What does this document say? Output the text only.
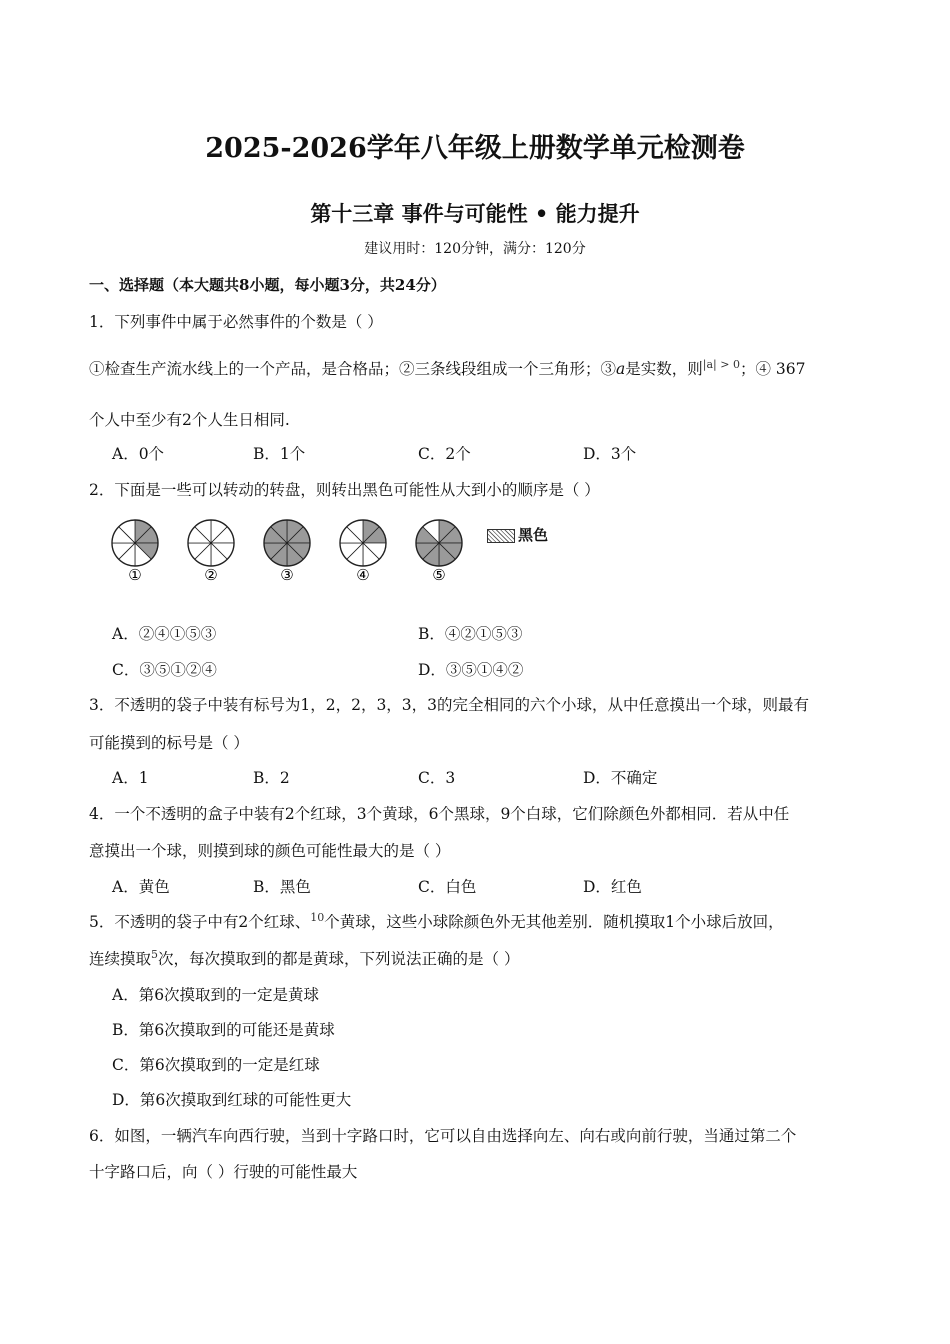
2025-2026学年八年级上册数学单元检测卷
第十三章 事件与可能性 • 能力提升
建议用时：120分钟，满分：120分
一、选择题（本大题共8小题，每小题3分，共24分）
1．下列事件中属于必然事件的个数是（ ）
①检查生产流水线上的一个产品，是合格品；②三条线段组成一个三角形；③a是实数，则$^{|a| > 0}$；④ 367
个人中至少有2个人生日相同.
A．0个	B．1个	C．2个	D．3个
2．下面是一些可以转动的转盘，则转出黑色可能性从大到小的顺序是（ ）
①	②	③	④	⑤
黑色
A．②④①⑤③	B．④②①⑤③
C．③⑤①②④	D．③⑤①④②
3．不透明的袋子中装有标号为1，2，2，3，3，3的完全相同的六个小球，从中任意摸出一个球，则最有
可能摸到的标号是（ ）
A．1	B．2	C．3	D．不确定
4．一个不透明的盒子中装有2个红球，3个黄球，6个黑球，9个白球，它们除颜色外都相同．若从中任
意摸出一个球，则摸到球的颜色可能性最大的是（ ）
A．黄色	B．黑色	C．白色	D．红色
5．不透明的袋子中有2个红球、$^{10}$个黄球，这些小球除颜色外无其他差别．随机摸取1个小球后放回，
连续摸取$^5$次，每次摸取到的都是黄球，下列说法正确的是（ ）
A．第6次摸取到的一定是黄球
B．第6次摸取到的可能还是黄球
C．第6次摸取到的一定是红球
D．第6次摸取到红球的可能性更大
6．如图，一辆汽车向西行驶，当到十字路口时，它可以自由选择向左、向右或向前行驶，当通过第二个
十字路口后，向（ ）行驶的可能性最大
